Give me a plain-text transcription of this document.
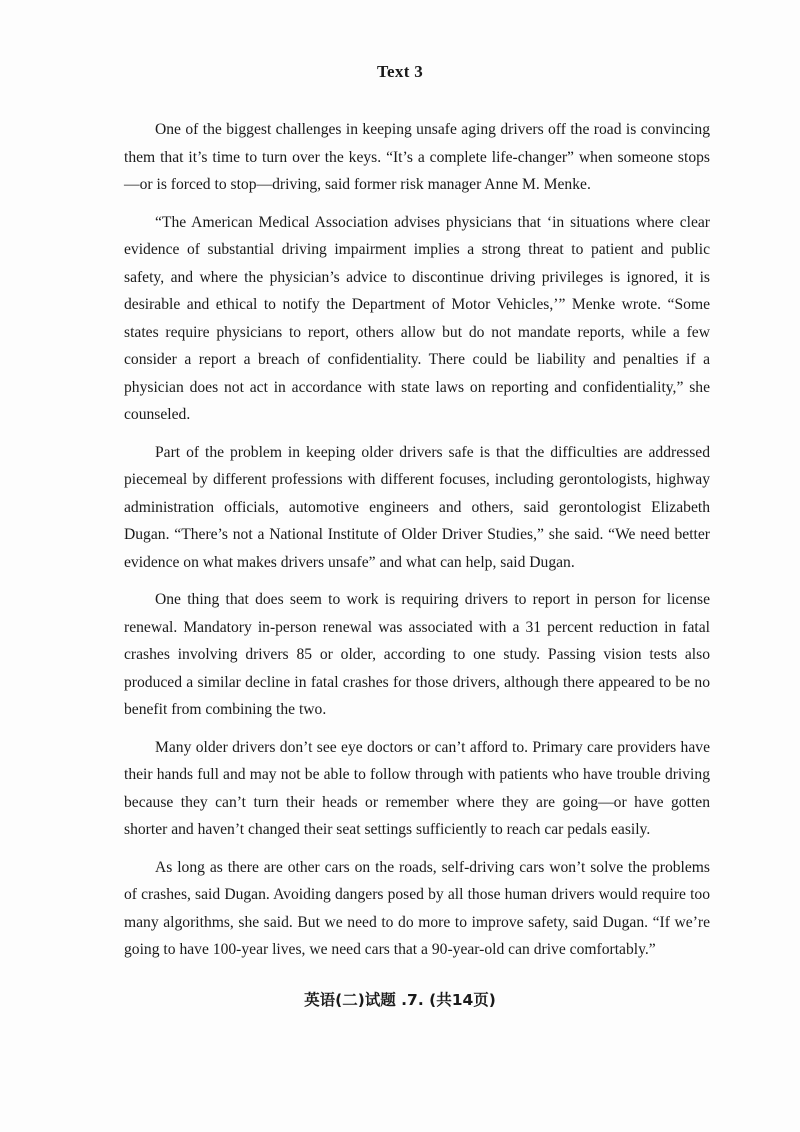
Text 3

One of the biggest challenges in keeping unsafe aging drivers off the road is convincing them that it’s time to turn over the keys. “It’s a complete life-changer” when someone stops—or is forced to stop—driving, said former risk manager Anne M. Menke.

“The American Medical Association advises physicians that ‘in situations where clear evidence of substantial driving impairment implies a strong threat to patient and public safety, and where the physician’s advice to discontinue driving privileges is ignored, it is desirable and ethical to notify the Department of Motor Vehicles,’” Menke wrote. “Some states require physicians to report, others allow but do not mandate reports, while a few consider a report a breach of confidentiality. There could be liability and penalties if a physician does not act in accordance with state laws on reporting and confidentiality,” she counseled.

Part of the problem in keeping older drivers safe is that the difficulties are addressed piecemeal by different professions with different focuses, including gerontologists, highway administration officials, automotive engineers and others, said gerontologist Elizabeth Dugan. “There’s not a National Institute of Older Driver Studies,” she said. “We need better evidence on what makes drivers unsafe” and what can help, said Dugan.

One thing that does seem to work is requiring drivers to report in person for license renewal. Mandatory in-person renewal was associated with a 31 percent reduction in fatal crashes involving drivers 85 or older, according to one study. Passing vision tests also produced a similar decline in fatal crashes for those drivers, although there appeared to be no benefit from combining the two.

Many older drivers don’t see eye doctors or can’t afford to. Primary care providers have their hands full and may not be able to follow through with patients who have trouble driving because they can’t turn their heads or remember where they are going—or have gotten shorter and haven’t changed their seat settings sufficiently to reach car pedals easily.

As long as there are other cars on the roads, self-driving cars won’t solve the problems of crashes, said Dugan. Avoiding dangers posed by all those human drivers would require too many algorithms, she said. But we need to do more to improve safety, said Dugan. “If we’re going to have 100-year lives, we need cars that a 90-year-old can drive comfortably.”

英语(二)试题 .7. (共14页)
